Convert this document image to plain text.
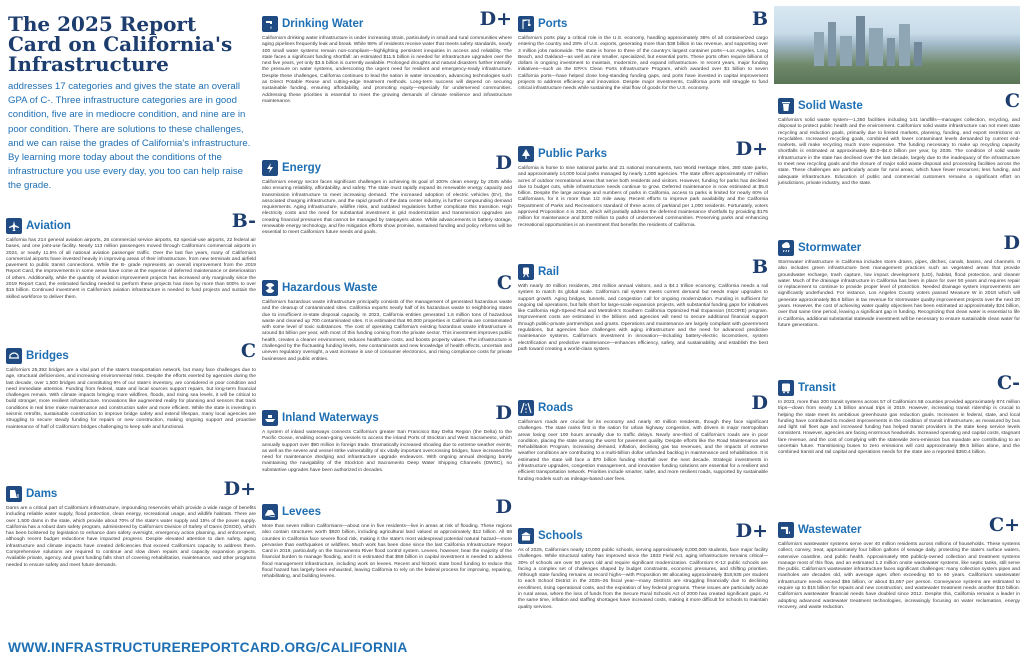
The 2025 Report Card on California's Infrastructure
addresses 17 categories and gives the state an overall GPA of C-. Three infrastructure categories are in good condition, five are in mediocre condition, and nine are in poor condition. There are solutions to these challenges, and we can raise the grades of California's infrastructure. By learning more today about the conditions of the infrastructure you use every day, you too can help raise the grade.
Aviation	B-
California has 214 general aviation airports, 26 commercial service airports, 62 special-use airports, 22 federal air bases, and one joint-use facility. Nearly 113 million passengers moved through California's commercial airports in 2024, or nearly 11.5% of all national aviation passenger traffic. Over the last five years, many of California's commercial airports have invested heavily in improving areas of their infrastructure, from new terminals and airfield pavement to public transit connections. While the B- grade represents an overall improvement from the 2019 Report Card, the improvements in some areas have come at the expense of deferred maintenance or deterioration of others. Additionally, while the quantity of aviation improvement projects has increased only marginally since the 2019 Report Card, the estimated funding needed to perform these projects has risen by more than 500% to over $15 billion. Continued investment in California's aviation infrastructure is needed to fund projects and sustain the skilled workforce to deliver them.
Bridges	C
California's 25,392 bridges are a vital part of the state's transportation network, but many face challenges due to age, structural deficiencies, and increasing environmental risks. Despite the efforts exerted by agencies during the last decade, over 1,500 bridges and constituting 6% of our state's inventory, are considered in poor condition and need immediate attention. Funding from federal, state and local sources support repairs, but long-term financial challenges remain. With climate impacts bringing more wildfires, floods, and rising sea levels, it will be critical to build stronger, more resilient infrastructure. Innovations like augmented reality for planning and sensors that track conditions in real time make maintenance and construction safer and more efficient. While the state is investing in seismic retrofits, sustainable construction to improve bridge safety and extend lifespan, many local agencies are struggling to secure steady funding for repairs or new construction, making ongoing support and proactive maintenance of half of California's bridges challenging to keep safe and functional.
Dams	D+
Dams are a critical part of California's infrastructure, impounding reservoirs which provide a wide range of benefits including reliable water supply, flood protection, clean energy, recreational usage, and wildlife habitats. There are over 1,500 dams in the state, which provide about 70% of the state's water supply and 15% of the power supply. California has a robust dam safety program, administered by California's Division of Safety of Dams (DSOD), which has been bolstered by legislation to enhance dam safety oversight, emergency action planning, and enforcement, although recent budget reductions have impacted progress. Despite elevated attention to dam safety, aging infrastructure and climate impacts have created deficiencies that exceed California's capacity to address them. Comprehensive solutions are required to continue and slow down repairs and capacity expansion projects. Available private, agency, and grant funding falls short of covering rehabilitation, maintenance, and other programs needed to ensure safety and meet future demands.
Drinking Water	D+
California's drinking water infrastructure is under increasing strain, particularly in small and rural communities where aging pipelines frequently leak and break. While 98% of residents receive water that meets safety standards, nearly 400 small water systems remain non-compliant—highlighting persistent inequities in access and reliability. The state faces a significant funding shortfall: an estimated $11.5 billion is needed for infrastructure upgrades over the next five years, yet only $3.5 billion is currently available. Prolonged droughts and natural disasters further intensify the pressure on water systems, underscoring the urgent need for resilient and emergency-ready infrastructure. Despite these challenges, California continues to lead the nation in water innovation, advancing technologies such as Direct Potable Reuse and cutting-edge treatment methods. Long-term success will depend on securing sustainable funding, ensuring affordability, and promoting equity—especially for underserved communities. Addressing these priorities is essential to meet the growing demands of climate resilience and infrastructure maintenance.
Energy	D
California's energy sector faces significant challenges in achieving its goal of 100% clean energy by 2045 while also ensuring reliability, affordability, and safety. The state must rapidly expand its renewable energy capacity and transmission infrastructure to meet increasing demand. The increased adoption of electric vehicles (EV), the associated charging infrastructure, and the rapid growth of the data center industry, is further compounding demand requirements. Aging infrastructure, wildfire risks, and outdated regulations further complicate this transition. High electricity costs and the need for substantial investment in grid modernization and transmission upgrades are creating financial pressures that cannot be managed by ratepayers alone. While advancements in battery storage, renewable energy technology, and fire mitigation efforts show promise, sustained funding and policy reforms will be essential to meet California's future needs and goals.
Hazardous Waste	C
California's hazardous waste infrastructure principally consists of the management of generated hazardous waste and the cleanup of contaminated sites. California exports nearly half of its hazardous waste to neighboring states due to insufficient in-state disposal capacity. In 2023, California entities generated 1.6 million tons of hazardous waste and cleaned up 700 contaminated sites. It is estimated that 90,000 properties in California are contaminated with some level of toxic substances. The cost of operating California's existing hazardous waste infrastructure is around $4 billion per year, with most of this funding coming from the private sector. This investment improves public health, creates a cleaner environment, reduces healthcare costs, and boosts property values. The infrastructure is challenged by the fluctuating funding levels, new contaminants and new knowledge of health effects, uncertain and uneven regulatory oversight, a vast increase in use of consumer electronics, and rising compliance costs for private businesses and public entities.
Inland Waterways	D
A system of inland waterways connects California's greater San Francisco Bay Delta Region (the Delta) to the Pacific Ocean, enabling ocean-going vessels to access the inland Ports of Stockton and West Sacramento, which annually support over $90 million in foreign trade. Dramatically increased shoaling due to extreme weather events, as well as the severe and vessel strike vulnerability of six vitally important overcrossing bridges, have increased the need for maintenance dredging and infrastructure upgrade endeavors. With ongoing annual dredging barely maintaining the navigability of the Stockton and Sacramento Deep Water Shipping Channels (DWSC), no substantive upgrades have been authorized in decades.
Levees	D
More than seven million Californians—about one in five residents—live in areas at risk of flooding. These regions also contain structures worth $920 billion, including agricultural land valued at approximately $12 billion. All 58 counties in California face severe flood risk, making it the state's most widespread potential natural hazard—more pervasive than earthquakes or wildfires. Much work has been done since the last California Infrastructure Report Card in 2019, particularly on the Sacramento River flood control system. Levees, however, bear the majority of the financial burden to manage flooding, and it is estimated that $59 billion in capital investment is needed to address flood management infrastructure, including work on levees. Recent and historic state bond funding to reduce this flood hazard has largely been exhausted, leaving California to rely on the federal process for improving, repairing, rehabilitating, and building levees.
Ports	B
California's ports play a critical role in the U.S. economy, handling approximately 38% of all containerized cargo entering the country and 28% of U.S. exports, generating more than $38 billion in tax revenue, and supporting over 3 million jobs nationwide. The state is home to three of the country's largest container ports—Los Angeles, Long Beach, and Oakland—as well as nine smaller, specialized, but essential ports. These ports often require billions of dollars in ongoing investment to maintain, modernize, and expand infrastructure. In recent years, major funding initiatives—such as the EPA's Clean Ports Infrastructure Program, which awarded over $1 billion to seven California ports—have helped close long-standing funding gaps, and ports have invested in capital improvement projects to address efficiency and innovation. Despite major investments, California ports still struggle to fund critical infrastructure needs while sustaining the vital flow of goods for the U.S. economy.
Public Parks	D+
California is home to nine national parks and 21 national monuments, two World Heritage Sites, 280 state parks, and approximately 14,000 local parks managed by nearly 1,000 agencies. The state offers approximately 47 million acres of outdoor recreational areas that serve both residents and visitors. However, funding for parks has declined due to budget cuts, while infrastructure needs continue to grow. Deferred maintenance is now estimated at $5.6 billion. Despite the large acreage and numbers of parks in California, access to parks is limited for nearly 60% of Californians, for it is more than 1/2 mile away. Recent efforts to improve park availability and the California Department of Parks and Recreation's standard of three acres of parkland per 1,000 residents. Fortunately, voters approved Proposition 4 in 2024, which will partially address the deferred maintenance shortfalls by providing $175 million for maintenance and $200 million to parks of underserved communities. Preserving parks and enhancing recreational opportunities is an investment that benefits the residents of California.
Rail	B
With nearly 40 million residents, 264 million annual visitors, and a $4.1 trillion economy, California needs a rail system to match its global scale. California's rail system meets current demand but needs major upgrades to support growth. Aging bridges, tunnels, and congestion call for ongoing modernization. Funding is sufficient for ongoing rail operations, but falls short for large-scale expansion projects, with substantial funding gaps for initiatives like California High-Speed Rail and Metrolink's Southern California Optimized Rail Expansion (SCORE) program. Improvement costs are estimated in the billions and agencies will need to secure additional financial support through public-private partnerships and grants. Operations and maintenance are largely compliant with government regulations, but agencies face challenges with aging infrastructure and the need for advanced predictive maintenance systems. California's investment in innovation—including battery-electric locomotives, system electrification and predictive maintenance—enhances efficiency, safety, and sustainability, and establish the best path toward creating a world-class system.
Roads	D
California's roads are crucial for its economy and nearly 40 million residents, though they face significant challenges. The state ranks first in the nation for urban highway congestion, with drivers in major metropolitan areas losing over 100 hours annually due to traffic delays. Nearly one-third of California's roads are in poor condition, placing the state among the worst for pavement quality. Despite efforts like the Road Maintenance and Rehabilitation Program, increasing demand, inflation, declining gas tax revenues, and the impacts of extreme weather conditions are contributing to a multi-billion dollar unfunded backlog in maintenance and rehabilitation. It is estimated the state will face a $70 billion funding shortfall over the next decade. Strategic investments in infrastructure upgrades, congestion management, and innovative funding solutions are essential for a resilient and efficient transportation network. Priorities include smarter, safer, and more resilient roads, supported by sustainable funding models such as mileage-based user fees.
Schools	D+
As of 2025, California's nearly 10,000 public schools, serving approximately 6,000,000 students, face major facility challenges. While structural safety has improved since the 1933 Field Act, aging infrastructure remains critical—30% of schools are over 50 years old and require significant modernization. California's K-12 public schools are facing a complex set of challenges shaped by budget constraints, economic pressures, and shifting priorities. Although state funding remains at record highs—with Proposition 98 allocating approximately $18,935 per student to each School District in the 2025–26 fiscal year—many Districts are struggling financially due to declining enrollment, rising operational costs, and the expiration of key federal programs. These issues are particularly acute in rural areas, where the loss of funds from the Secure Rural Schools Act of 2000 has created significant gaps. At the same time, inflation and staffing shortages have increased costs, making it more difficult for schools to maintain quality services.
Solid Waste	C
California's solid waste system—1,350 facilities including 141 landfills—manages collection, recycling, and disposal to protect public health and the environment. California's solid waste infrastructure can not meet state recycling and reduction goals, primarily due to limited markets, planning, funding, and export restrictions on recyclables. Increased recycling goals, combined with lower contaminant levels demanded by current end-markets, will make recycling much more expensive. The funding necessary to make up recycling capacity shortfalls is estimated at approximately $2.0–$4.0 billion per year, by 2035. The condition of solid waste infrastructure in the state has declined over the last decade, largely due to the inadequacy of the infrastructure to meet new recycling goals and the closure of major solid waste disposal and processing facilities across the state. These challenges are particularly acute for rural areas, which have fewer resources; less funding, and adequate infrastructure. Education of public and commercial customers remains a significant effort on jurisdictions, private industry, and the state.
Stormwater	D
Stormwater infrastructure in California includes storm drains, pipes, ditches, canals, basins, and channels. It also includes green infrastructure best management practices such as vegetated areas that provide groundwater recharge, trash capture, low impact development (LID), habitat, flood protection, and cleaner water. Much of the drainage infrastructure in California has been in place for over 50 years and requires repair or replacement to continue to provide proper level of protection. Needed drainage system improvements are significantly underfunded. For instance, Los Angeles County voters passed Measure W in 2018 which will generate approximately $6.6 billion in tax revenue for stormwater quality improvement projects over the next 20 years. However, the cost of achieving water quality objectives has been estimated at approximately $24 billion, over that same time period, leaving a significant gap in funding. Recognizing that clean water is essential to life in California, additional substantial statewide investment will be necessary to ensure sustainable clean water for future generations.
Transit	C-
In 2023, more than 200 transit systems across 57 of California's 58 counties provided approximately 874 million trips—down from nearly 1.5 billion annual trips in 2019. However, increasing transit ridership is crucial to helping the state meet its ambitious greenhouse gas reduction goals. Increases in federal, state, and local funding have contributed to modest improvements in the condition of transit infrastructure, as measured by bus and light rail fleet age and increased funding has helped transit providers in the state keep service levels consistent. However, agencies are facing enormous headwinds. Increased operating and capital costs, stagnant fare revenue, and the cost of complying with the statewide zero-emission bus mandate are contributing to an uncertain future. Transitioning buses to zero emissions will cost approximately $9.5 billion alone, and the combined transit and rail capital and operations needs for the state are a reported $350.4 billion.
Wastewater	C+
California's wastewater systems serve over 40 million residents across millions of households. These systems collect, convey, treat, approximately four billion gallons of sewage daily, protecting the state's surface waters, extensive coastline, and public health. Approximately 900 publicly-owned collection and treatment systems manage most of this flow, and an estimated 1.2 million onsite wastewater systems, like septic tanks, still serve the public. California's wastewater infrastructure faces significant challenges: many collection system pipes and manholes are decades old, with average ages often exceeding 50 to 60 years. California's wastewater infrastructure needs exceed $65 billion, or about $1,657 per person. Conveyance systems are estimated to require up to $15 billion for repairs and new construction, and wastewater treatment needs another $10 billion. California's wastewater financial needs have doubled since 2012. Despite this, California remains a leader in adopting advanced wastewater treatment technologies, increasingly focusing on water reclamation, energy recovery, and waste reduction.
WWW.INFRASTRUCTUREREPORTCARD.ORG/CALIFORNIA
